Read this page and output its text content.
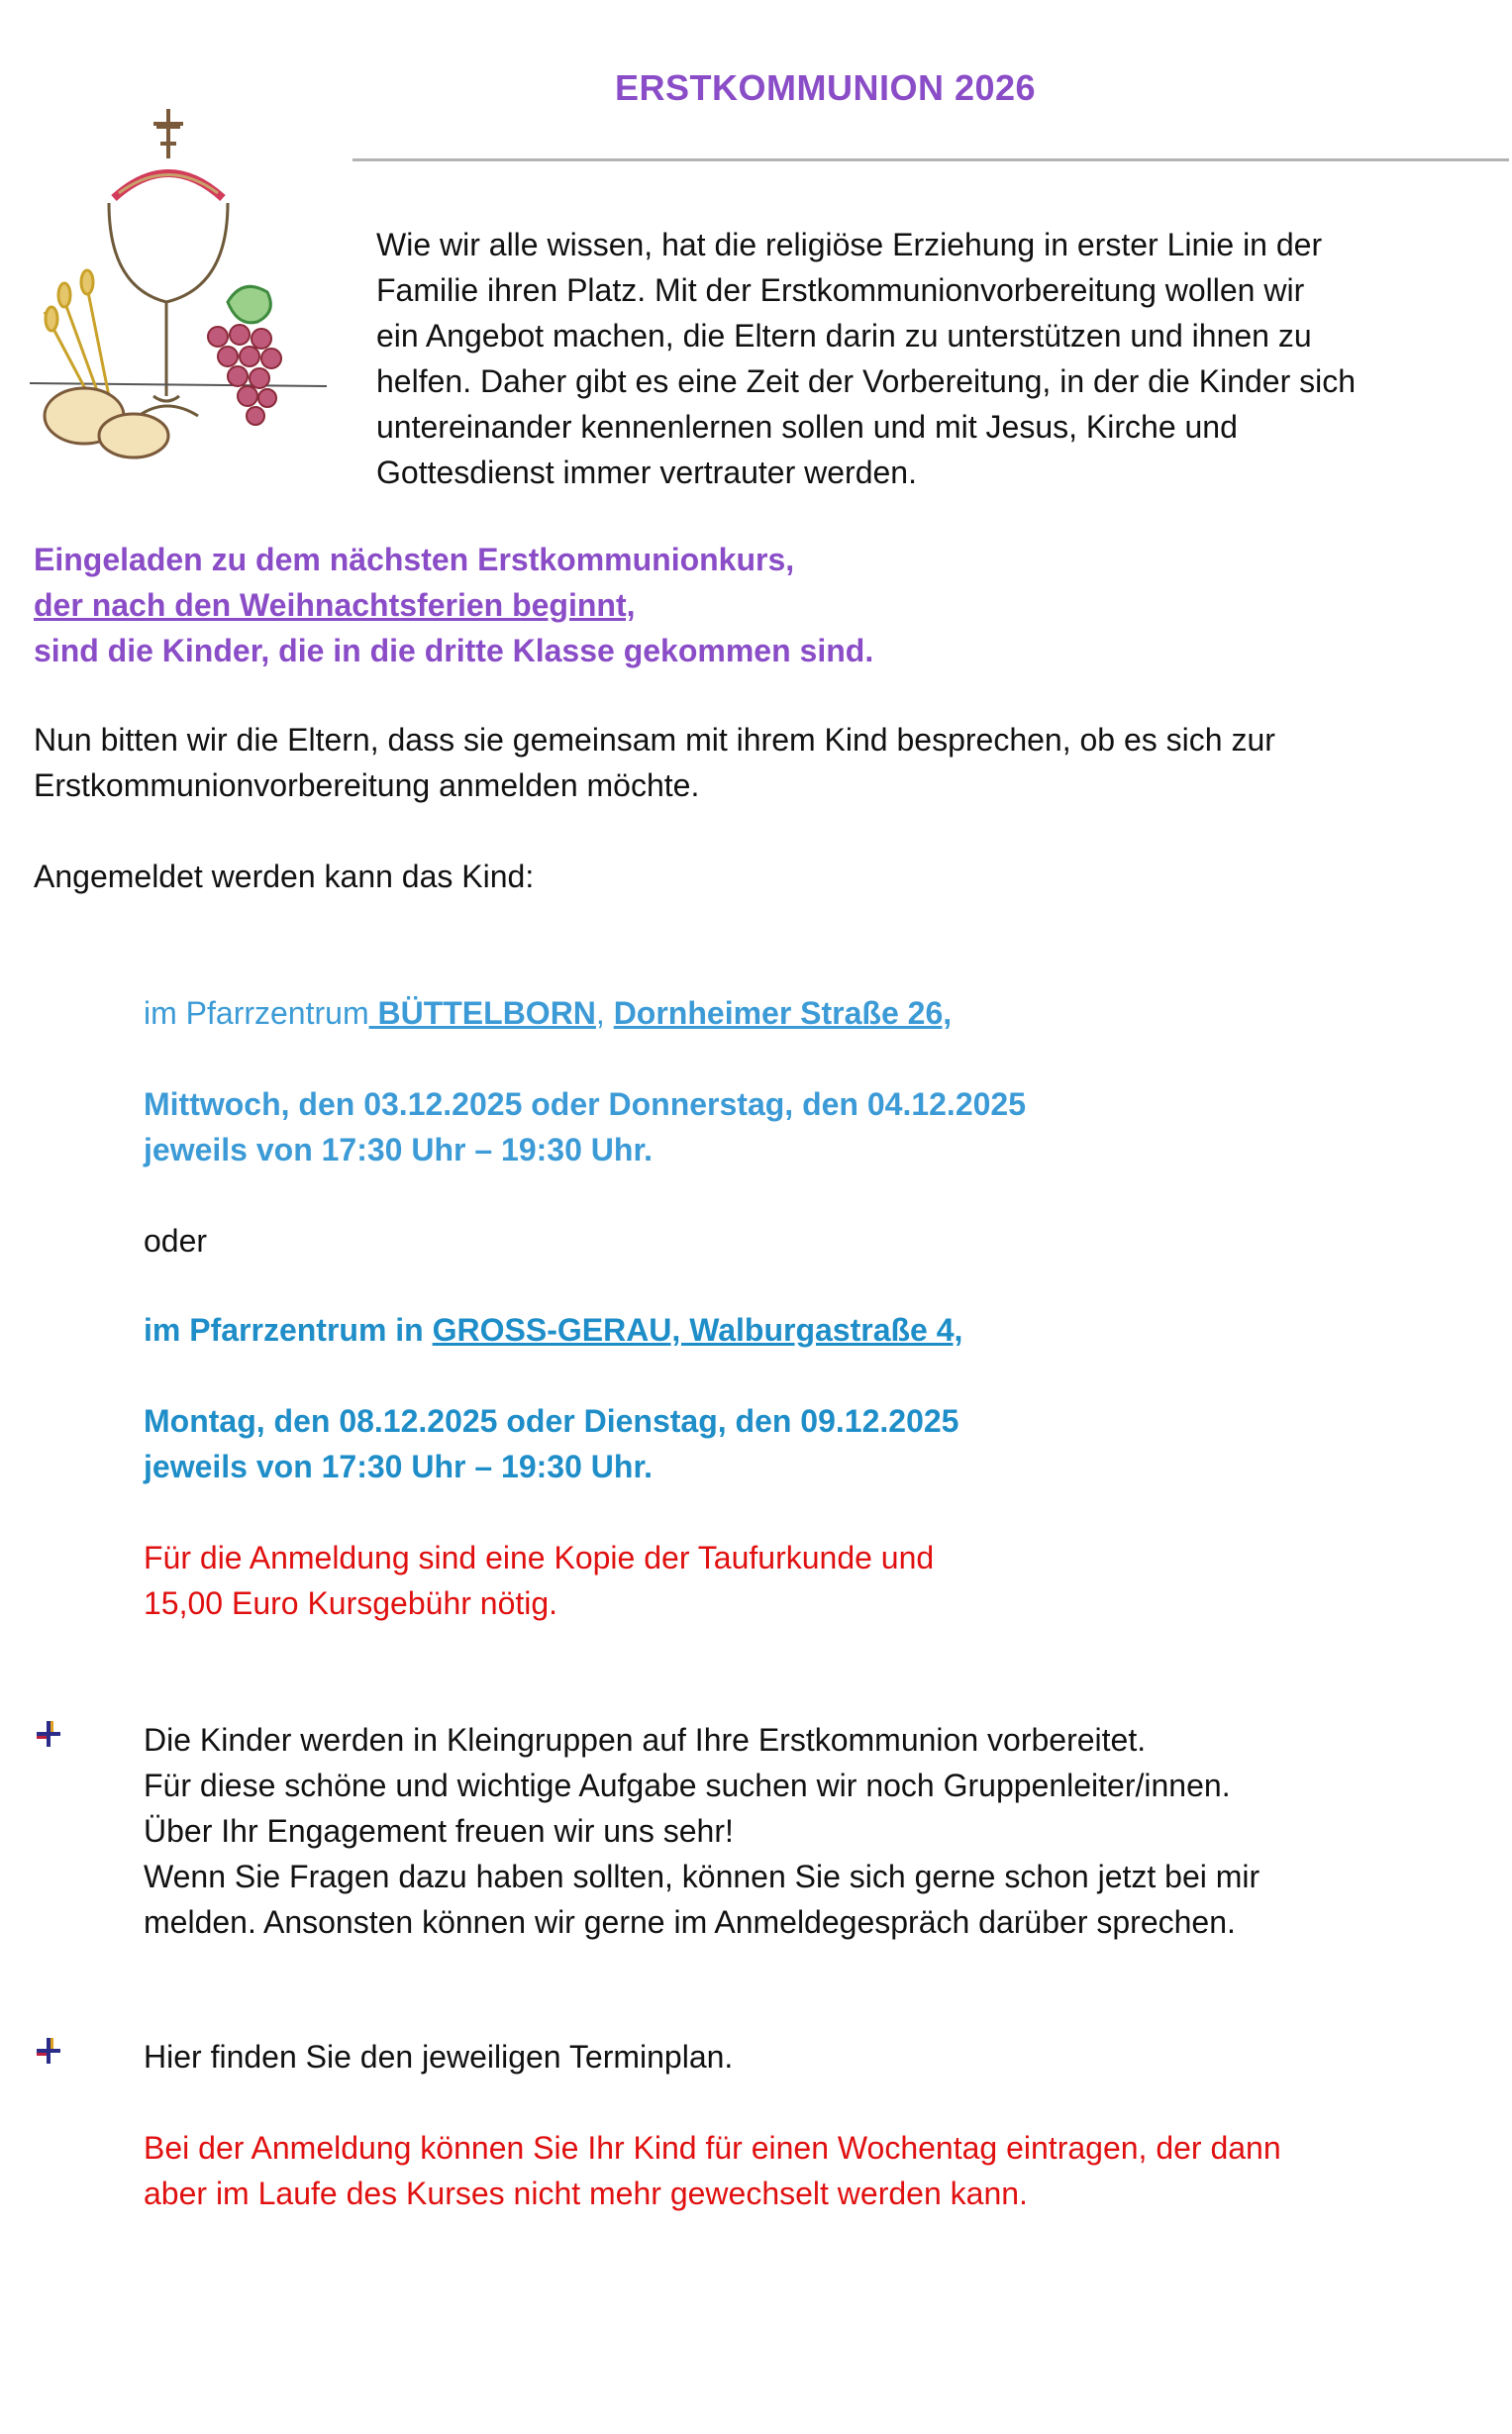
ERSTKOMMUNION 2026
Wie wir alle wissen, hat die religiöse Erziehung in erster Linie in der
Familie ihren Platz. Mit der Erstkommunionvorbereitung wollen wir
ein Angebot machen, die Eltern darin zu unterstützen und ihnen zu
helfen. Daher gibt es eine Zeit der Vorbereitung, in der die Kinder sich
untereinander kennenlernen sollen und mit Jesus, Kirche und
Gottesdienst immer vertrauter werden.
Eingeladen zu dem nächsten Erstkommunionkurs,
der nach den Weihnachtsferien beginnt,
sind die Kinder, die in die dritte Klasse gekommen sind.
Nun bitten wir die Eltern, dass sie gemeinsam mit ihrem Kind besprechen, ob es sich zur
Erstkommunionvorbereitung anmelden möchte.
Angemeldet werden kann das Kind:
im Pfarrzentrum BÜTTELBORN, Dornheimer Straße 26,
Mittwoch, den 03.12.2025 oder Donnerstag, den 04.12.2025
jeweils von 17:30 Uhr – 19:30 Uhr.
oder
im Pfarrzentrum in GROSS-GERAU, Walburgastraße 4,
Montag, den 08.12.2025 oder Dienstag, den 09.12.2025
jeweils von 17:30 Uhr – 19:30 Uhr.
Für die Anmeldung sind eine Kopie der Taufurkunde und
15,00 Euro Kursgebühr nötig.
Die Kinder werden in Kleingruppen auf Ihre Erstkommunion vorbereitet.
Für diese schöne und wichtige Aufgabe suchen wir noch Gruppenleiter/innen.
Über Ihr Engagement freuen wir uns sehr!
Wenn Sie Fragen dazu haben sollten, können Sie sich gerne schon jetzt bei mir
melden. Ansonsten können wir gerne im Anmeldegespräch darüber sprechen.
Hier finden Sie den jeweiligen Terminplan.
Bei der Anmeldung können Sie Ihr Kind für einen Wochentag eintragen, der dann
aber im Laufe des Kurses nicht mehr gewechselt werden kann.
